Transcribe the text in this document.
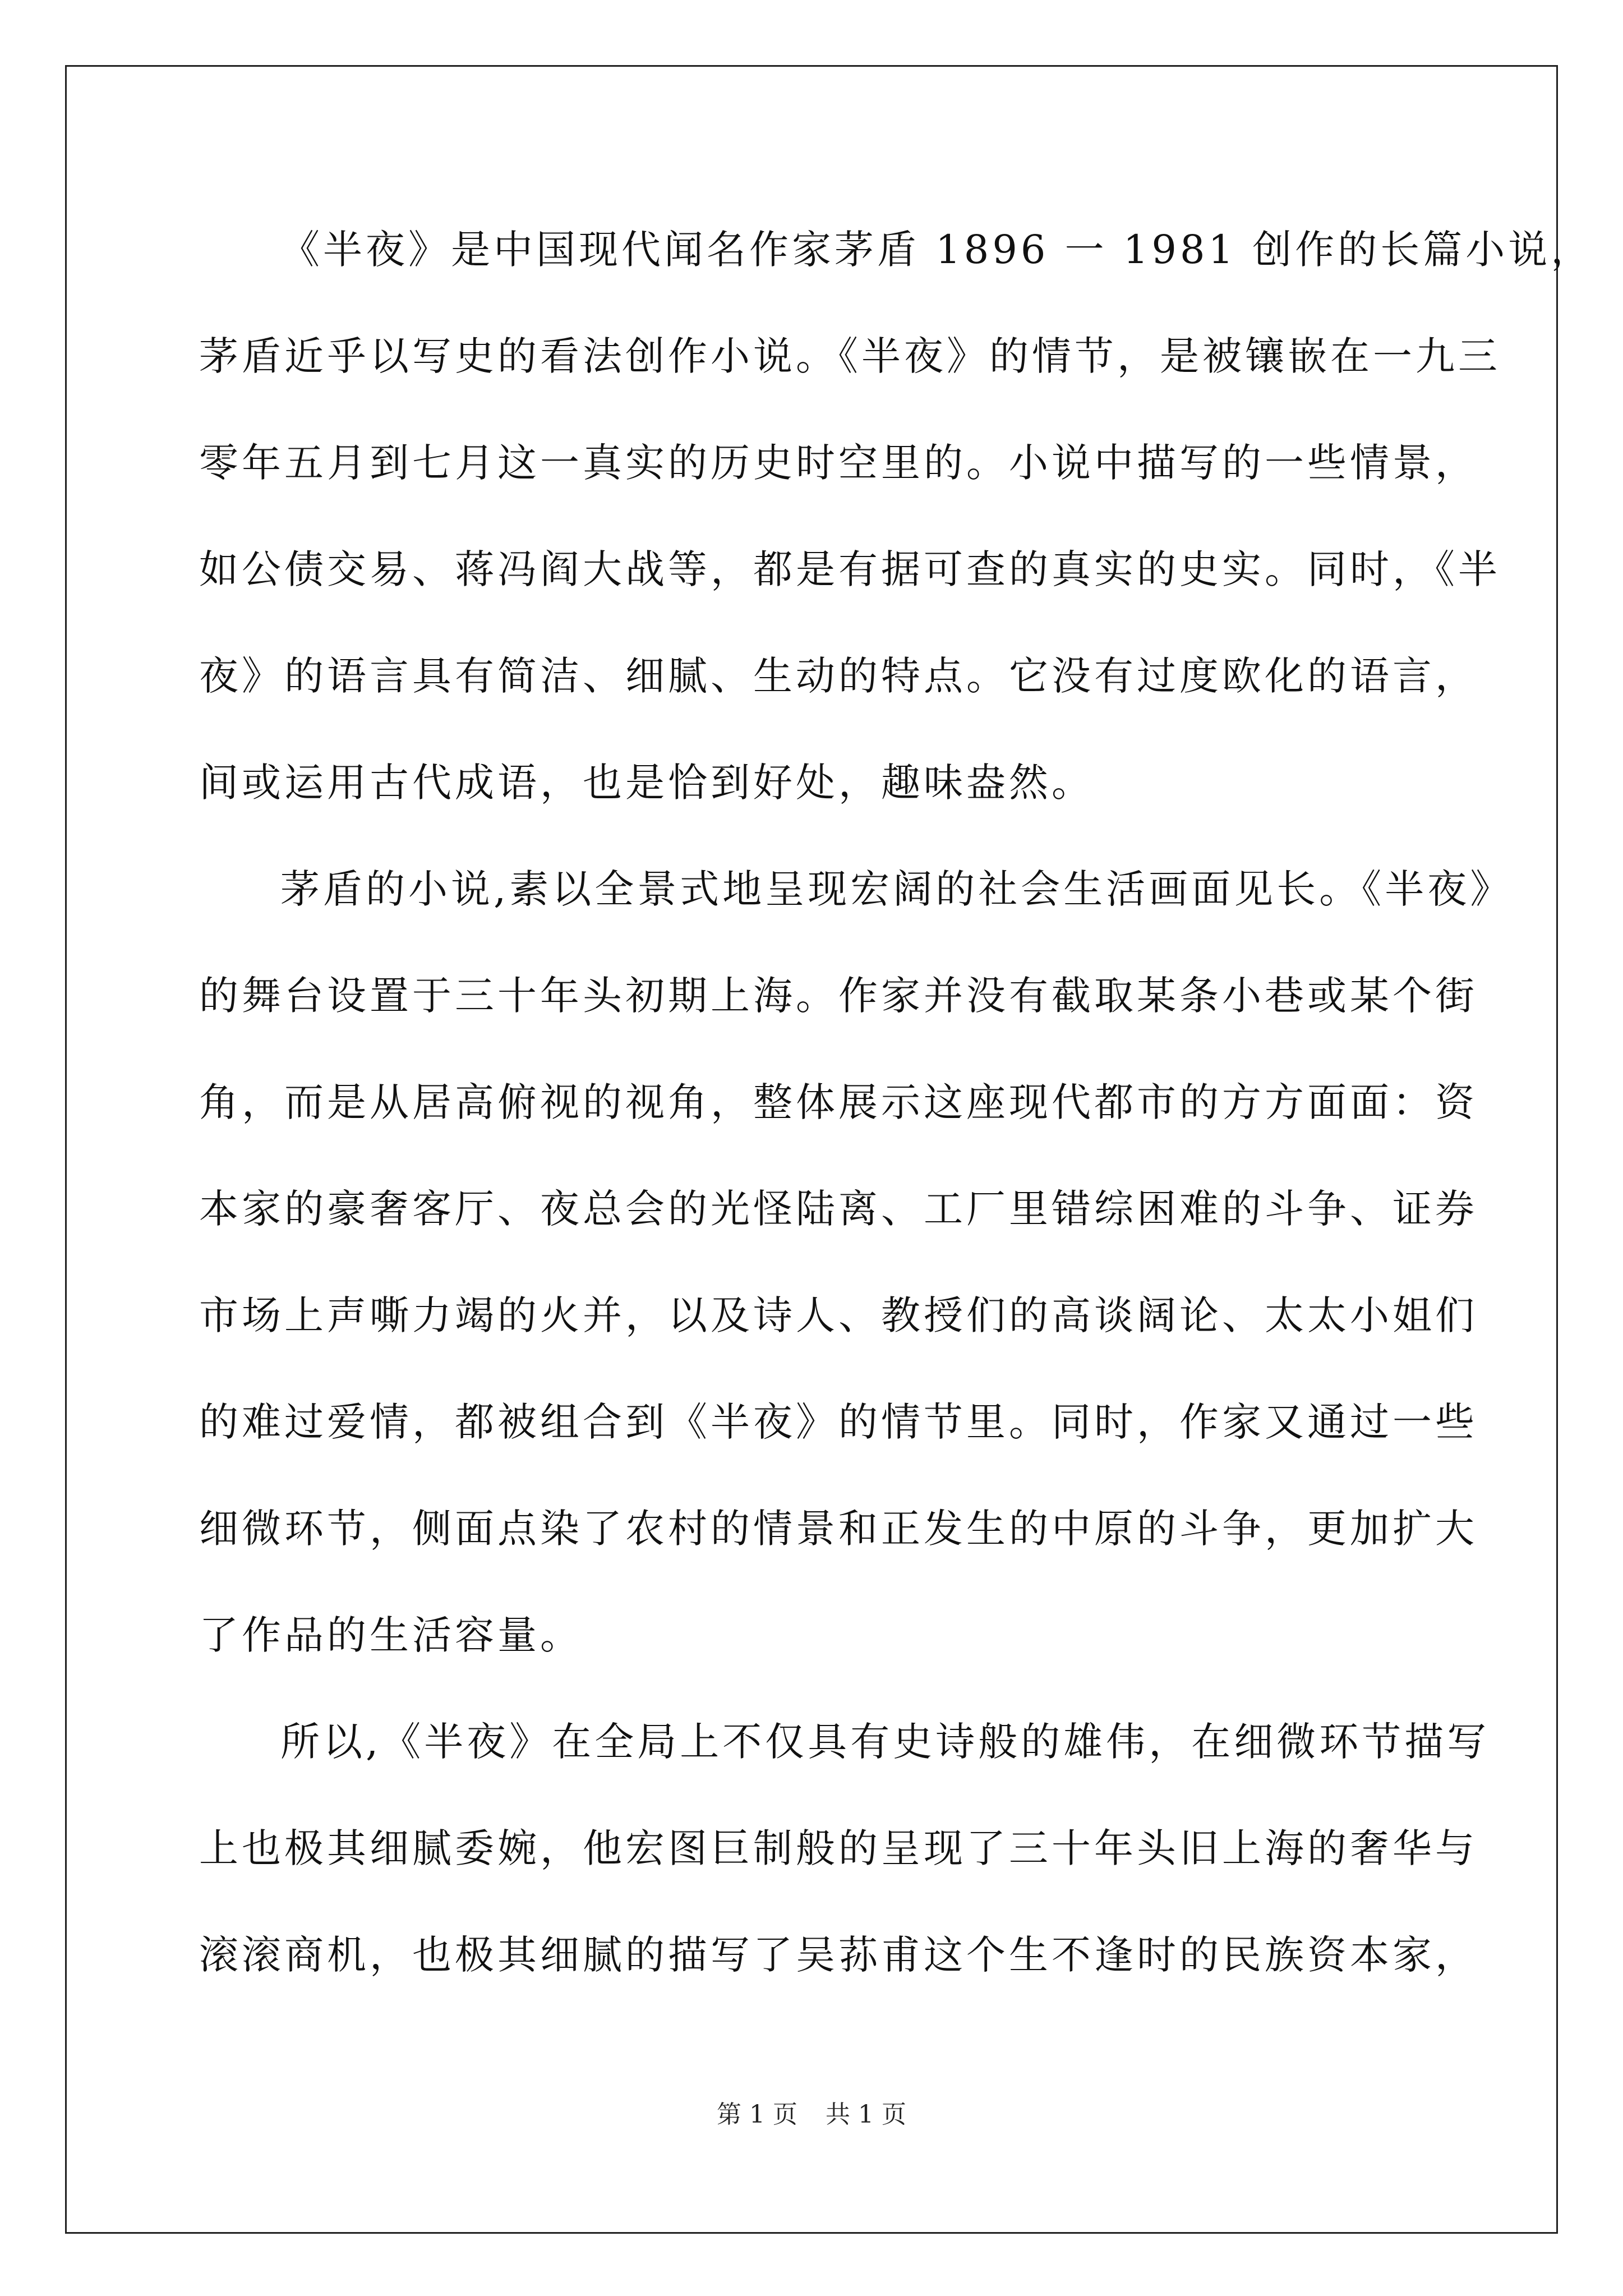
《半夜》是中国现代闻名作家茅盾 1896 一 1981 创作的长篇小说，
茅盾近乎以写史的看法创作小说。《半夜》的情节，是被镶嵌在一九三
零年五月到七月这一真实的历史时空里的。小说中描写的一些情景，
如公债交易、蒋冯阎大战等，都是有据可查的真实的史实。同时，《半
夜》的语言具有简洁、细腻、生动的特点。它没有过度欧化的语言，
间或运用古代成语，也是恰到好处，趣味盎然。
茅盾的小说,素以全景式地呈现宏阔的社会生活画面见长。《半夜》
的舞台设置于三十年头初期上海。作家并没有截取某条小巷或某个街
角，而是从居高俯视的视角，整体展示这座现代都市的方方面面：资
本家的豪奢客厅、夜总会的光怪陆离、工厂里错综困难的斗争、证券
市场上声嘶力竭的火并，以及诗人、教授们的高谈阔论、太太小姐们
的难过爱情，都被组合到《半夜》的情节里。同时，作家又通过一些
细微环节，侧面点染了农村的情景和正发生的中原的斗争，更加扩大
了作品的生活容量。
所以,《半夜》在全局上不仅具有史诗般的雄伟，在细微环节描写
上也极其细腻委婉，他宏图巨制般的呈现了三十年头旧上海的奢华与
滚滚商机，也极其细腻的描写了吴荪甫这个生不逢时的民族资本家，
第 1 页 共 1 页
